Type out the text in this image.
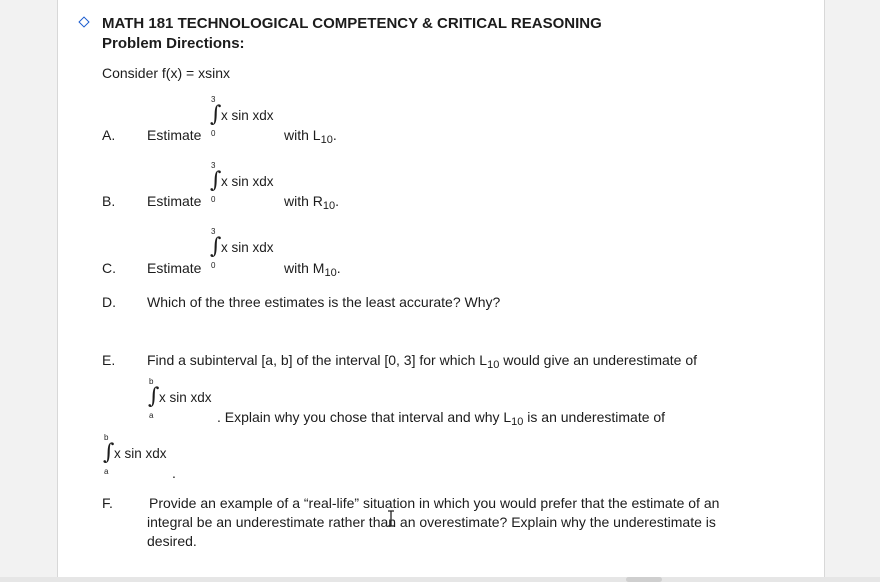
MATH 181 TECHNOLOGICAL COMPETENCY & CRITICAL REASONING
Problem Directions:
Consider f(x) = xsinx
A. Estimate
3
∫
0
x sin xdx
with $L_{10}$.
B. Estimate
3
∫
0
x sin xdx
with $R_{10}$.
C. Estimate
3
∫
0
x sin xdx
with $M_{10}$.
D. Which of the three estimates is the least accurate? Why?
E. Find a subinterval [a, b] of the interval [0, 3] for which $L_{10}$ would give an underestimate of
b
∫
a
x sin xdx
. Explain why you chose that interval and why $L_{10}$ is an underestimate of
b
∫
a
x sin xdx
.
F.	Provide an example of a “real-life” situation in which you would prefer that the estimate of an
integral be an underestimate rather than an overestimate? Explain why the underestimate is
desired.
